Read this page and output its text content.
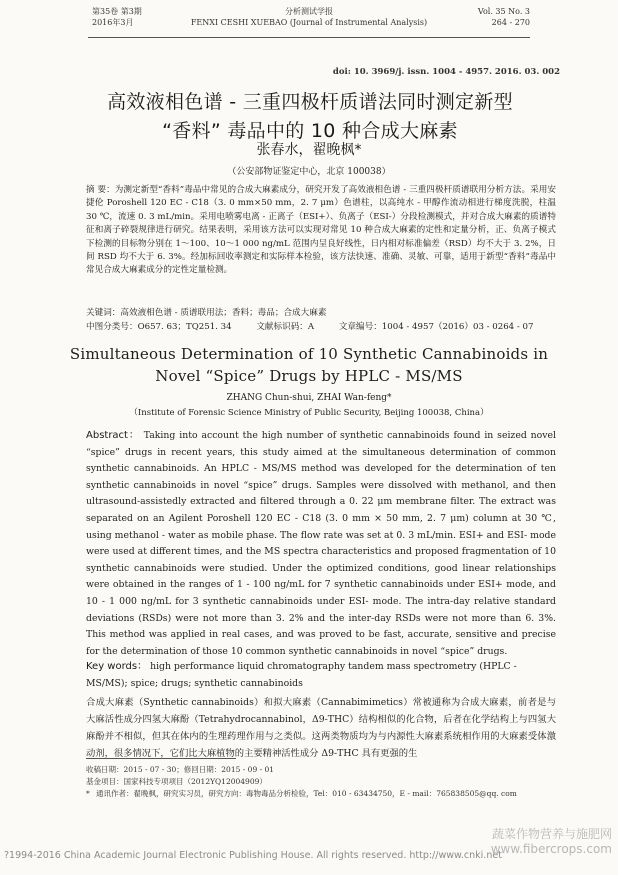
第35卷 第3期
2016年3月
分析测试学报
FENXI CESHI XUEBAO (Journal of Instrumental Analysis)
Vol. 35 No. 3
264 - 270
doi: 10. 3969/j. issn. 1004 - 4957. 2016. 03. 002
高效液相色谱 - 三重四极杆质谱法同时测定新型
“香料” 毒品中的 10 种合成大麻素
张春水，翟晚枫*
（公安部物证鉴定中心，北京 100038）
摘 要：为测定新型“香料”毒品中常见的合成大麻素成分，研究开发了高效液相色谱 - 三重四极杆质谱联用分析方法。采用安捷伦 Poroshell 120 EC - C18（3. 0 mm×50 mm，2. 7 μm）色谱柱，以高纯水 - 甲醇作流动相进行梯度洗脱，柱温 30 ℃，流速 0. 3 mL/min。采用电喷雾电离 - 正离子（ESI+）、负离子（ESI-）分段检测模式，并对合成大麻素的质谱特征和离子碎裂规律进行研究。结果表明，采用该方法可以实现对常见 10 种合成大麻素的定性和定量分析，正、负离子模式下检测的目标物分别在 1～100、10～1 000 ng/mL 范围内呈良好线性，日内相对标准偏差（RSD）均不大于 3. 2%，日间 RSD 均不大于 6. 3%。经加标回收率测定和实际样本检验，该方法快速、准确、灵敏、可靠，适用于新型“香料”毒品中常见合成大麻素成分的定性定量检测。
关键词：高效液相色谱 - 质谱联用法；香料；毒品；合成大麻素
中图分类号：O657. 63；TQ251. 34	文献标识码：A	文章编号：1004 - 4957（2016）03 - 0264 - 07
Simultaneous Determination of 10 Synthetic Cannabinoids in
Novel “Spice” Drugs by HPLC - MS/MS
ZHANG Chun-shui, ZHAI Wan-feng*
（Institute of Forensic Science Ministry of Public Security, Beijing 100038, China）
Abstract： Taking into account the high number of synthetic cannabinoids found in seized novel “spice” drugs in recent years, this study aimed at the simultaneous determination of common synthetic cannabinoids. An HPLC - MS/MS method was developed for the determination of ten synthetic cannabinoids in novel “spice” drugs. Samples were dissolved with methanol, and then ultrasound-assistedly extracted and filtered through a 0. 22 μm membrane filter. The extract was separated on an Agilent Poroshell 120 EC - C18 (3. 0 mm × 50 mm, 2. 7 μm) column at 30 ℃, using methanol - water as mobile phase. The flow rate was set at 0. 3 mL/min. ESI+ and ESI- mode were used at different times, and the MS spectra characteristics and proposed fragmentation of 10 synthetic cannabinoids were studied. Under the optimized conditions, good linear relationships were obtained in the ranges of 1 - 100 ng/mL for 7 synthetic cannabinoids under ESI+ mode, and 10 - 1 000 ng/mL for 3 synthetic cannabinoids under ESI- mode. The intra-day relative standard deviations (RSDs) were not more than 3. 2% and the inter-day RSDs were not more than 6. 3%. This method was applied in real cases, and was proved to be fast, accurate, sensitive and precise for the determination of those 10 common synthetic cannabinoids in novel “spice” drugs.
Key words： high performance liquid chromatography tandem mass spectrometry (HPLC - MS/MS); spice; drugs; synthetic cannabinoids
合成大麻素（Synthetic cannabinoids）和拟大麻素（Cannabimimetics）常被通称为合成大麻素，前者是与大麻活性成分四氢大麻酚（Tetrahydrocannabinol，Δ9-THC）结构相似的化合物，后者在化学结构上与四氢大麻酚并不相似，但其在体内的生理药理作用与之类似。这两类物质均为与内源性大麻素系统相作用的大麻素受体激动剂，很多情况下，它们比大麻植物的主要精神活性成分 Δ9-THC 具有更强的生
收稿日期：2015 - 07 - 30；修回日期：2015 - 09 - 01
基金项目：国家科技专项项目（2012YQ12004909）
* 通讯作者：翟晚枫，研究实习员，研究方向：毒物毒品分析检验，Tel：010 - 63434750，E - mail：765838505@qq. com
?1994-2016 China Academic Journal Electronic Publishing House. All rights reserved. http://www.cnki.net
蔬菜作物营养与施肥网
www.fibercrops.com
